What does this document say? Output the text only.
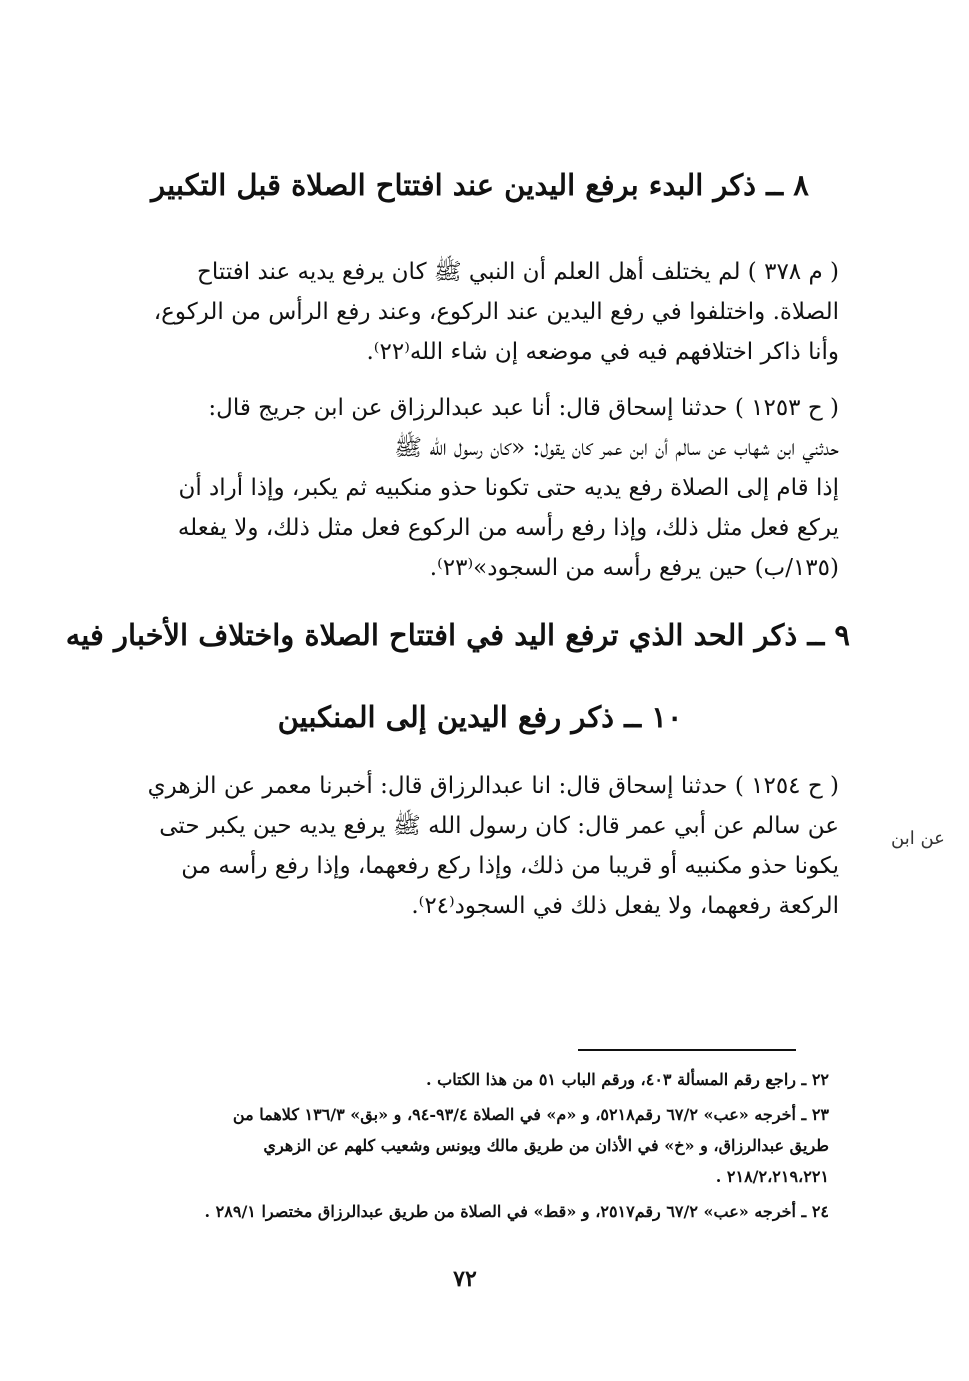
٨ ــ ذكر البدء برفع اليدين عند افتتاح الصلاة قبل التكبير
( م ٣٧٨ ) لم يختلف أهل العلم أن النبي ﷺ كان يرفع يديه عند افتتاح
الصلاة. واختلفوا في رفع اليدين عند الركوع، وعند رفع الرأس من الركوع،
وأنا ذاكر اختلافهم فيه في موضعه إن شاء الله⁽٢٢⁾.
( ح ١٢٥٣ ) حدثنا إسحاق قال: أنا عبد عبدالرزاق عن ابن جريج قال:
حدثني ابن شهاب عن سالم أن ابن عمر كان يقول: «كان رسول الله ﷺ
إذا قام إلى الصلاة رفع يديه حتى تكونا حذو منكبيه ثم يكبر، وإذا أراد أن
يركع فعل مثل ذلك، وإذا رفع رأسه من الركوع فعل مثل ذلك، ولا يفعله
(١٣٥/ب) حين يرفع رأسه من السجود»⁽٢٣⁾.
٩ ــ ذكر الحد الذي ترفع اليد في افتتاح الصلاة واختلاف الأخبار فيه
١٠ ــ ذكر رفع اليدين إلى المنكبين
( ح ١٢٥٤ ) حدثنا إسحاق قال: انا عبدالرزاق قال: أخبرنا معمر عن الزهري
عن سالم عن أبي عمر قال: كان رسول الله ﷺ يرفع يديه حين يكبر حتى
يكونا حذو مكنبيه أو قريبا من ذلك، وإذا ركع رفعهما، وإذا رفع رأسه من
الركعة رفعهما، ولا يفعل ذلك في السجود⁽٢٤⁾.
عن ابن
٢٢ ـ راجع رقم المسألة ٤٠٣، ورقم الباب ٥١ من هذا الكتاب .
٢٣ ـ أخرجه «عب» ٦٧/٢ رقم٥٢١٨، و «م» في الصلاة ٩٣/٤-٩٤، و «بق» ١٣٦/٣ كلاهما من
طريق عبدالرزاق، و «خ» في الأذان من طريق مالك ويونس وشعيب كلهم عن الزهري
٢١٨/٢،٢١٩،٢٢١ .
٢٤ ـ أخرجه «عب» ٦٧/٢ رقم٢٥١٧، و «قط» في الصلاة من طريق عبدالرزاق مختصرا ٢٨٩/١ .
٧٢
